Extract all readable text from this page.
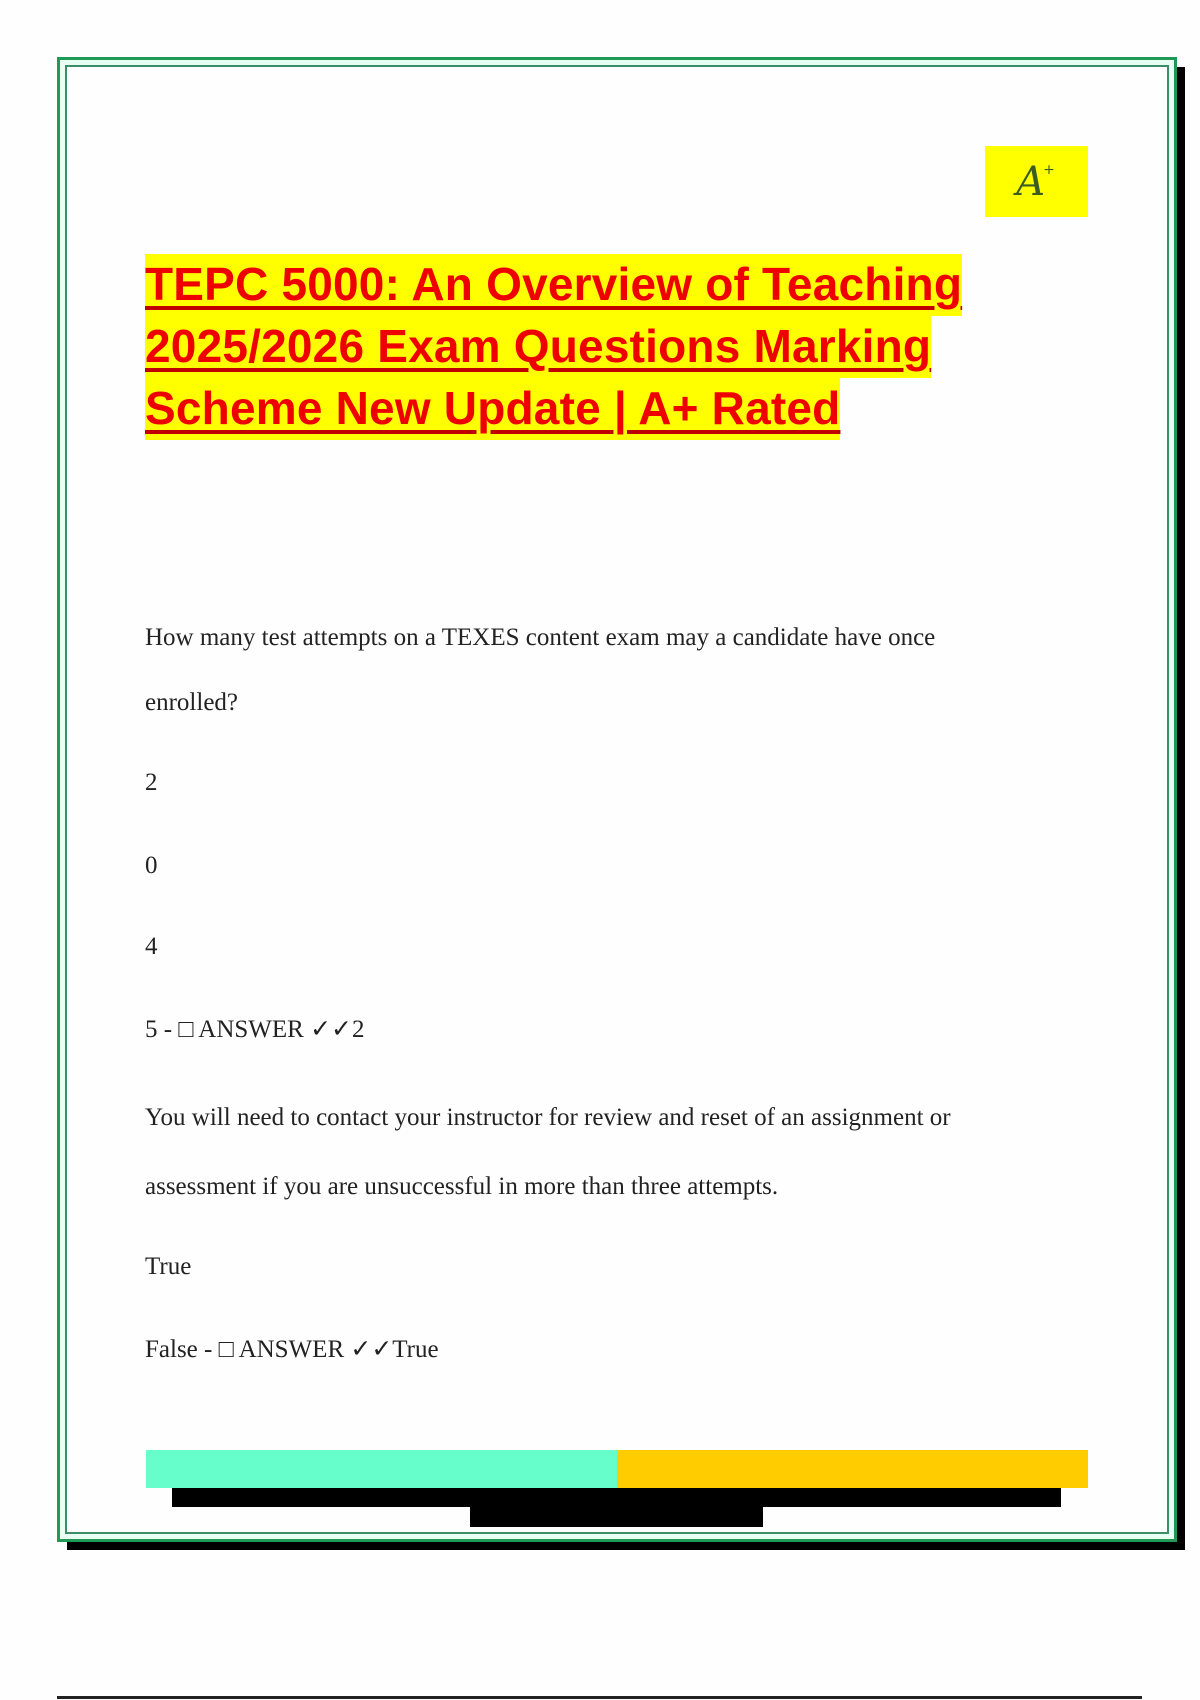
A+
TEPC 5000: An Overview of Teaching
2025/2026 Exam Questions Marking
Scheme New Update | A+ Rated
How many test attempts on a TEXES content exam may a candidate have once
enrolled?
2
0
4
5 - □ ANSWER ✓✓2
You will need to contact your instructor for review and reset of an assignment or
assessment if you are unsuccessful in more than three attempts.
True
False - □ ANSWER ✓✓True
